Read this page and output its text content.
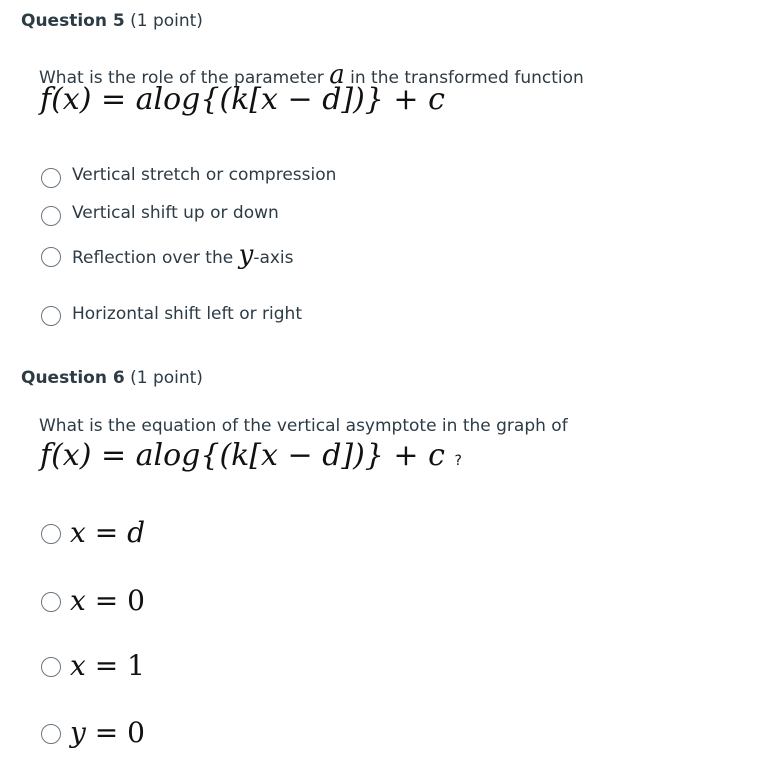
Question 5 (1 point)
What is the role of the parameter a in the transformed function
f(x) = alog{(k[x − d])} + c
Vertical stretch or compression
Vertical shift up or down
Reflection over the y-axis
Horizontal shift left or right
Question 6 (1 point)
What is the equation of the vertical asymptote in the graph of
f(x) = alog{(k[x − d])} + c ?
x = d
x = 0
x = 1
y = 0
